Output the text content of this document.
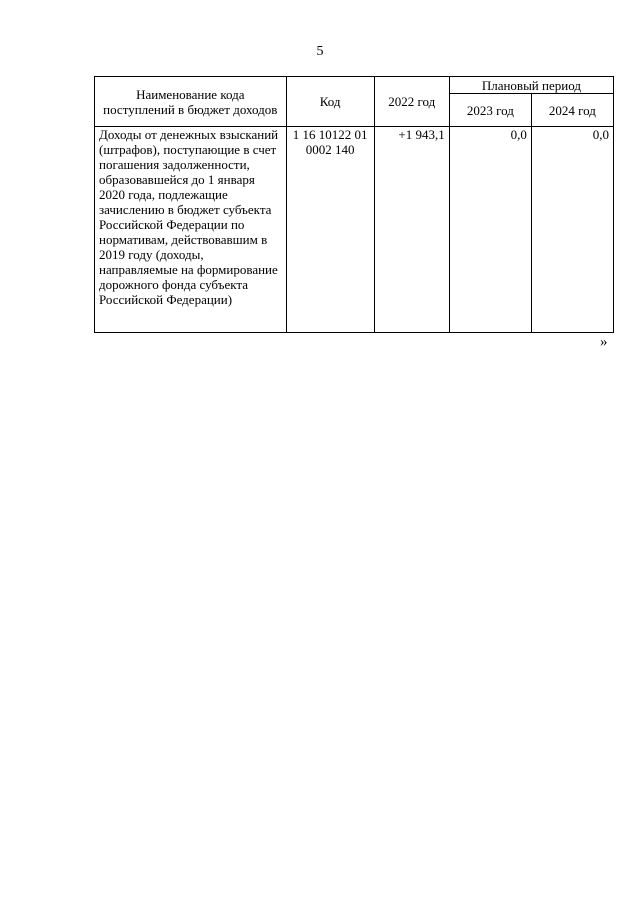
5
Наименование кода поступлений в бюджет доходов	Код	2022 год	Плановый период	
			2023 год	2024 год
Доходы от денежных взысканий (штрафов), поступающие в счет погашения задолженности, образовавшейся до 1 января 2020 года, подлежащие зачислению в бюджет субъекта Российской Федерации по нормативам, действовавшим в 2019 году (доходы, направляемые на формирование дорожного фонда субъекта Российской Федерации)	1 16 10122 01 0002 140	+1 943,1	0,0	0,0
»
